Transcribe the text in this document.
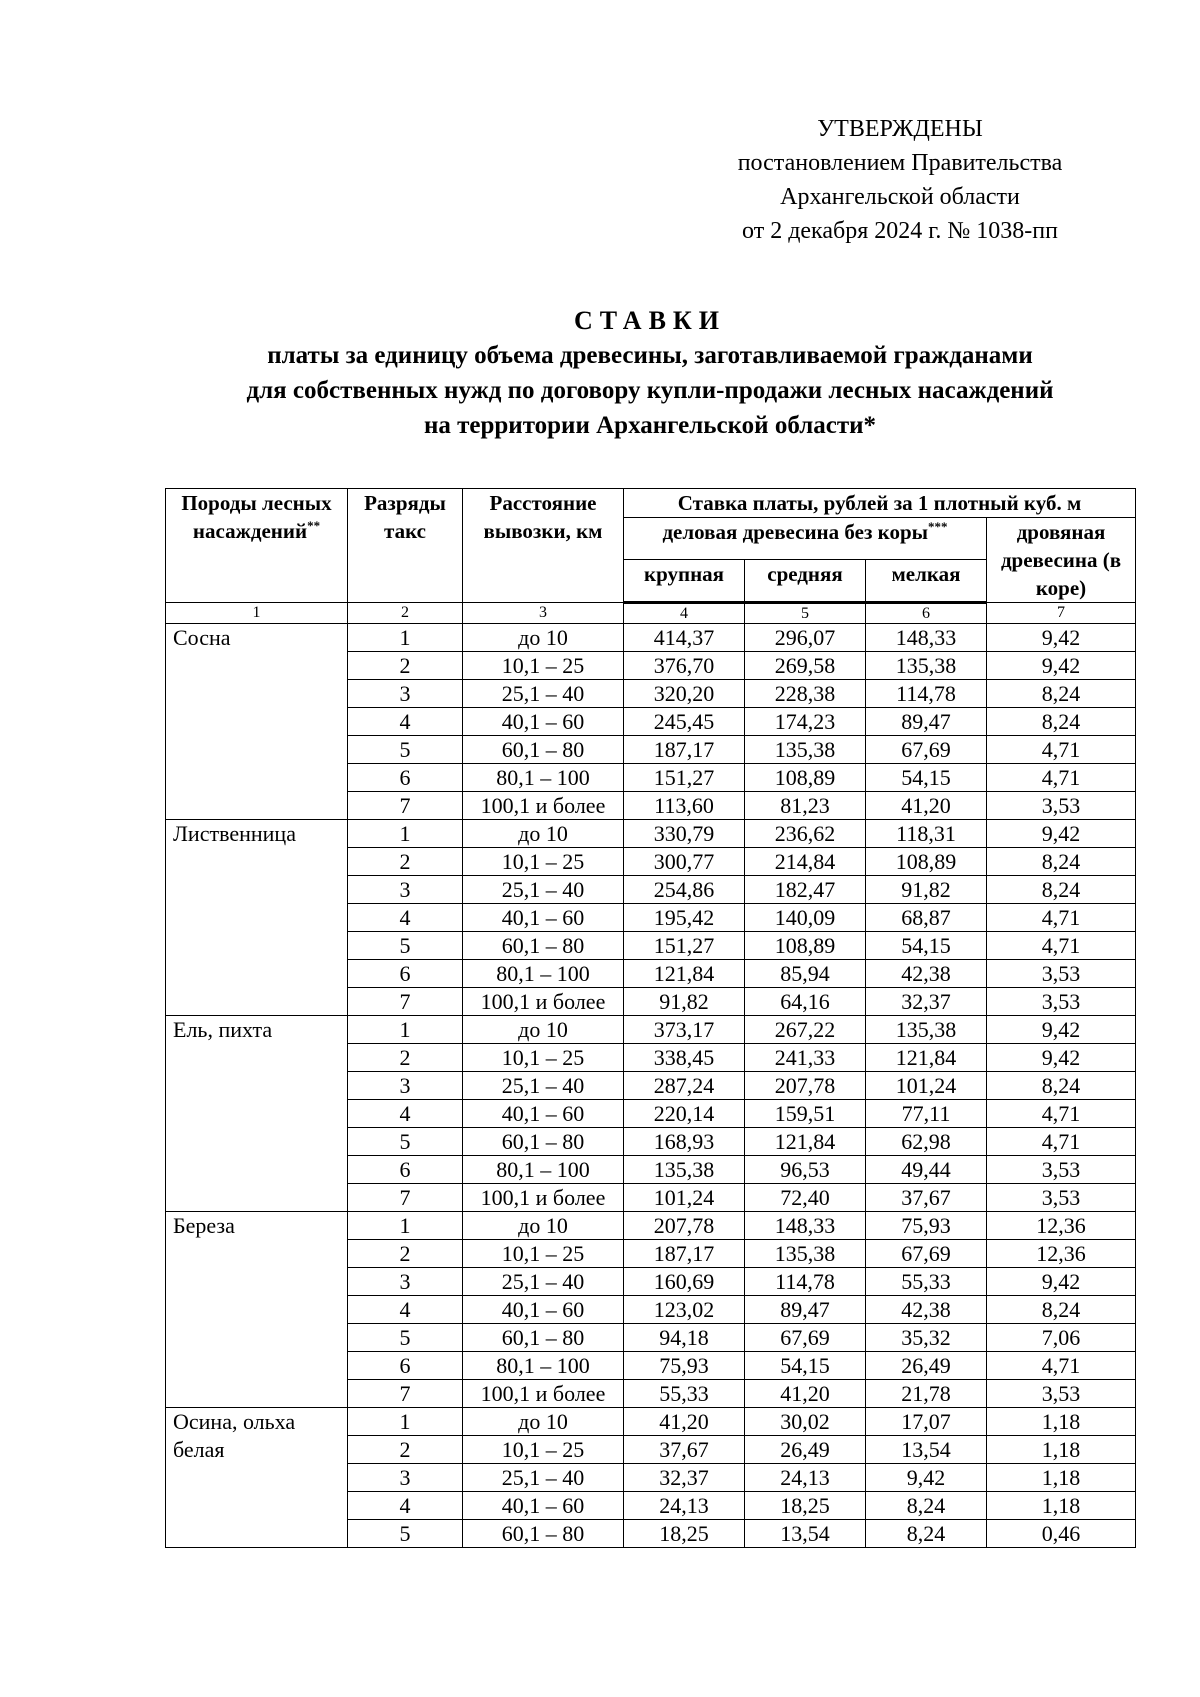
УТВЕРЖДЕНЫ
постановлением Правительства
Архангельской области
от 2 декабря 2024 г. № 1038-пп
СТАВКИ
платы за единицу объема древесины, заготавливаемой гражданами
для собственных нужд по договору купли-продажи лесных насаждений
на территории Архангельской области*
Породы лесных насаждений**	Разряды такс	Расстояние вывозки, км	Ставка платы, рублей за 1 плотный куб. м			
			деловая древесина без коры***			дровяная древесина (в коре)
			крупная	средняя	мелкая	
1	2	3	4	5	6	7
Сосна	1	до 10	414,37	296,07	148,33	9,42
	2	10,1 – 25	376,70	269,58	135,38	9,42
	3	25,1 – 40	320,20	228,38	114,78	8,24
	4	40,1 – 60	245,45	174,23	89,47	8,24
	5	60,1 – 80	187,17	135,38	67,69	4,71
	6	80,1 – 100	151,27	108,89	54,15	4,71
	7	100,1 и более	113,60	81,23	41,20	3,53
Лиственница	1	до 10	330,79	236,62	118,31	9,42
	2	10,1 – 25	300,77	214,84	108,89	8,24
	3	25,1 – 40	254,86	182,47	91,82	8,24
	4	40,1 – 60	195,42	140,09	68,87	4,71
	5	60,1 – 80	151,27	108,89	54,15	4,71
	6	80,1 – 100	121,84	85,94	42,38	3,53
	7	100,1 и более	91,82	64,16	32,37	3,53
Ель, пихта	1	до 10	373,17	267,22	135,38	9,42
	2	10,1 – 25	338,45	241,33	121,84	9,42
	3	25,1 – 40	287,24	207,78	101,24	8,24
	4	40,1 – 60	220,14	159,51	77,11	4,71
	5	60,1 – 80	168,93	121,84	62,98	4,71
	6	80,1 – 100	135,38	96,53	49,44	3,53
	7	100,1 и более	101,24	72,40	37,67	3,53
Береза	1	до 10	207,78	148,33	75,93	12,36
	2	10,1 – 25	187,17	135,38	67,69	12,36
	3	25,1 – 40	160,69	114,78	55,33	9,42
	4	40,1 – 60	123,02	89,47	42,38	8,24
	5	60,1 – 80	94,18	67,69	35,32	7,06
	6	80,1 – 100	75,93	54,15	26,49	4,71
	7	100,1 и более	55,33	41,20	21,78	3,53
Осина, ольха белая	1	до 10	41,20	30,02	17,07	1,18
	2	10,1 – 25	37,67	26,49	13,54	1,18
	3	25,1 – 40	32,37	24,13	9,42	1,18
	4	40,1 – 60	24,13	18,25	8,24	1,18
	5	60,1 – 80	18,25	13,54	8,24	0,46
